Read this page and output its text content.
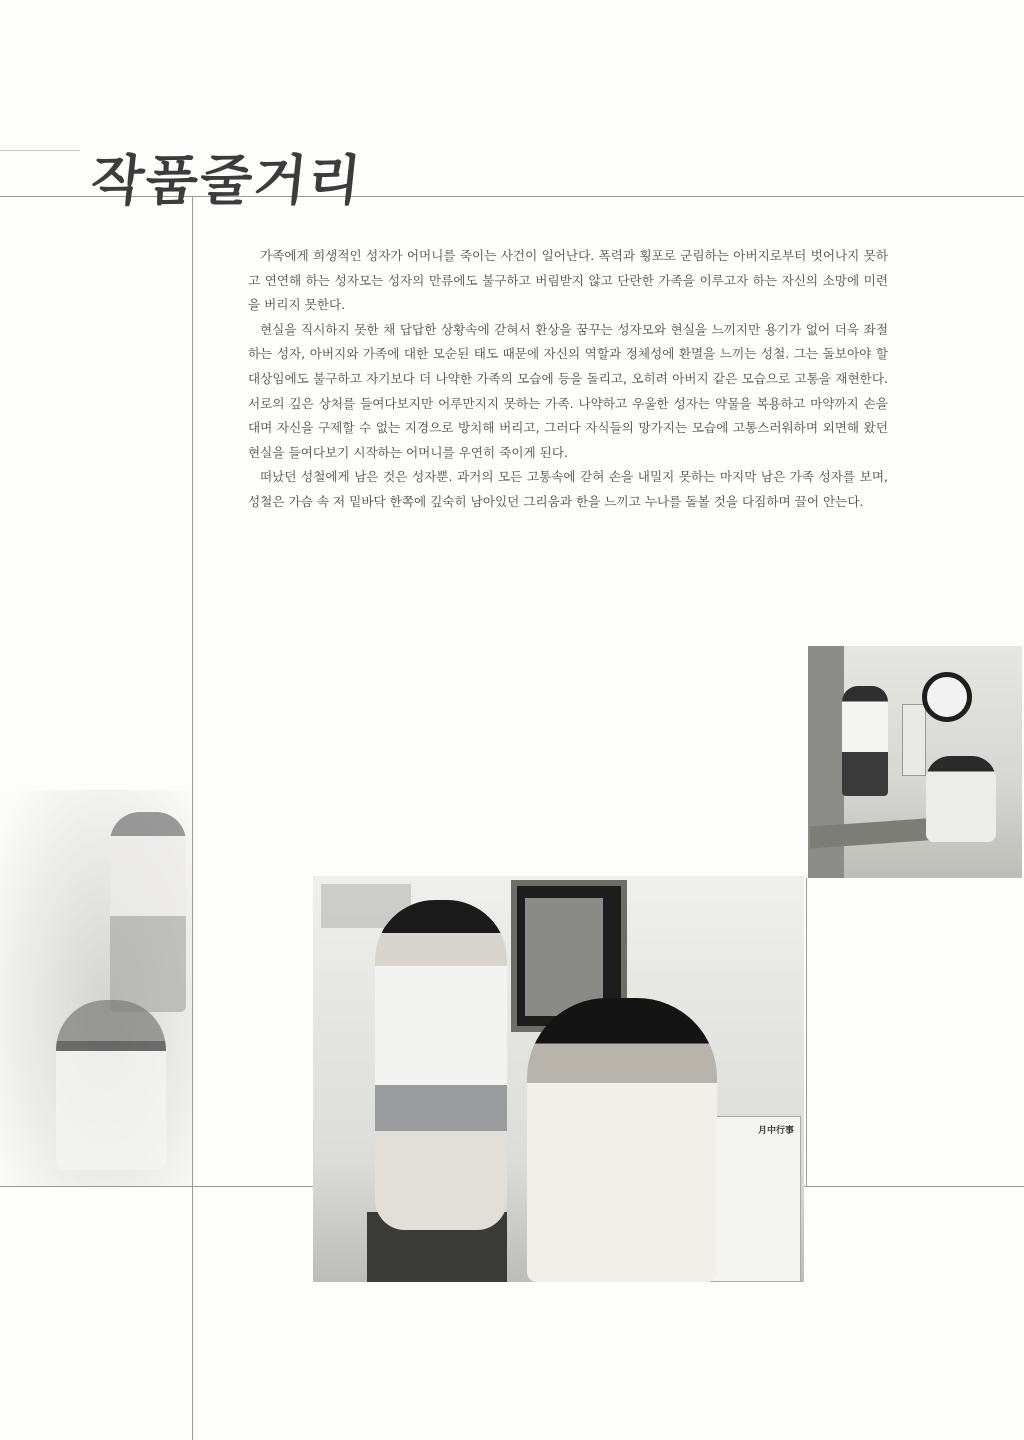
작품줄거리

가족에게 희생적인 성자가 어머니를 죽이는 사건이 일어난다. 폭력과 횡포로 군림하는 아버지로부터 벗어나지 못하고 연연해 하는 성자모는 성자의 만류에도 불구하고 버림받지 않고 단란한 가족을 이루고자 하는 자신의 소망에 미련을 버리지 못한다.

현실을 직시하지 못한 채 답답한 상황속에 갇혀서 환상을 꿈꾸는 성자모와 현실을 느끼지만 용기가 없어 더욱 좌절하는 성자, 아버지와 가족에 대한 모순된 태도 때문에 자신의 역할과 정체성에 환멸을 느끼는 성철. 그는 돌보아야 할 대상임에도 불구하고 자기보다 더 나약한 가족의 모습에 등을 돌리고, 오히려 아버지 같은 모습으로 고통을 재현한다. 서로의 깊은 상처를 들여다보지만 어루만지지 못하는 가족. 나약하고 우울한 성자는 약물을 복용하고 마약까지 손을 대며 자신을 구제할 수 없는 지경으로 방치해 버리고, 그러다 자식들의 망가지는 모습에 고통스러워하며 외면해 왔던 현실을 들여다보기 시작하는 어머니를 우연히 죽이게 된다.

떠났던 성철에게 남은 것은 성자뿐. 과거의 모든 고통속에 갇혀 손을 내밀지 못하는 마지막 남은 가족 성자를 보며, 성철은 가슴 속 저 밑바닥 한쪽에 깊숙히 남아있던 그리움과 한을 느끼고 누나를 돌볼 것을 다짐하며 끌어 안는다.

月中行事
